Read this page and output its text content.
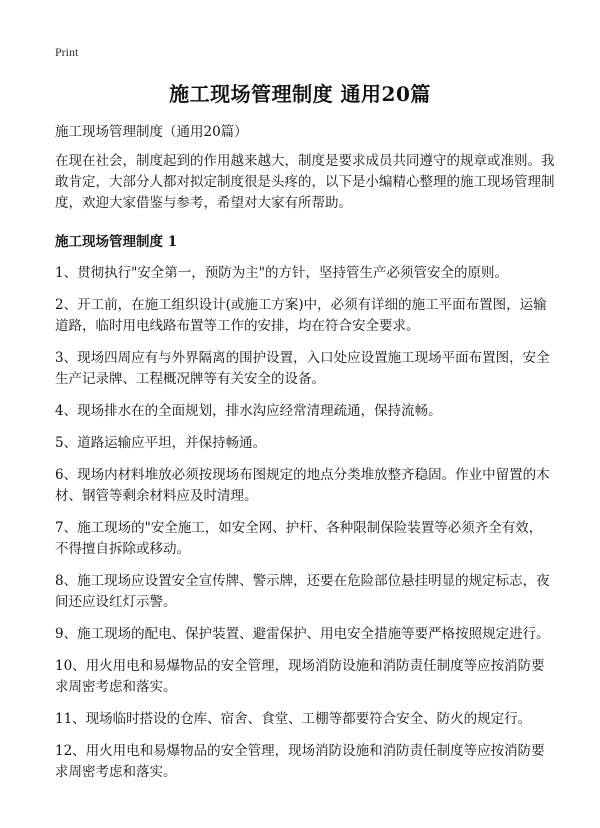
Print
施工现场管理制度 通用20篇

施工现场管理制度（通用20篇）

在现在社会，制度起到的作用越来越大，制度是要求成员共同遵守的规章或准则。我敢肯定，大部分人都对拟定制度很是头疼的，以下是小编精心整理的施工现场管理制度，欢迎大家借鉴与参考，希望对大家有所帮助。

施工现场管理制度 1

1、贯彻执行"安全第一，预防为主"的方针，坚持管生产必须管安全的原则。

2、开工前，在施工组织设计(或施工方案)中，必须有详细的施工平面布置图，运输道路，临时用电线路布置等工作的安排，均在符合安全要求。

3、现场四周应有与外界隔离的围护设置，入口处应设置施工现场平面布置图，安全生产记录牌、工程概况牌等有关安全的设备。

4、现场排水在的全面规划，排水沟应经常清理疏通，保持流畅。

5、道路运输应平坦，并保持畅通。

6、现场内材料堆放必须按现场布图规定的地点分类堆放整齐稳固。作业中留置的木材、钢管等剩余材料应及时清理。

7、施工现场的"安全施工，如安全网、护杆、各种限制保险装置等必须齐全有效，不得擅自拆除或移动。

8、施工现场应设置安全宣传牌、警示牌，还要在危险部位悬挂明显的规定标志，夜间还应设红灯示警。

9、施工现场的配电、保护装置、避雷保护、用电安全措施等要严格按照规定进行。

10、用火用电和易爆物品的安全管理，现场消防设施和消防责任制度等应按消防要求周密考虑和落实。

11、现场临时搭设的仓库、宿舍、食堂、工棚等都要符合安全、防火的规定行。

12、用火用电和易爆物品的安全管理，现场消防设施和消防责任制度等应按消防要求周密考虑和落实。
